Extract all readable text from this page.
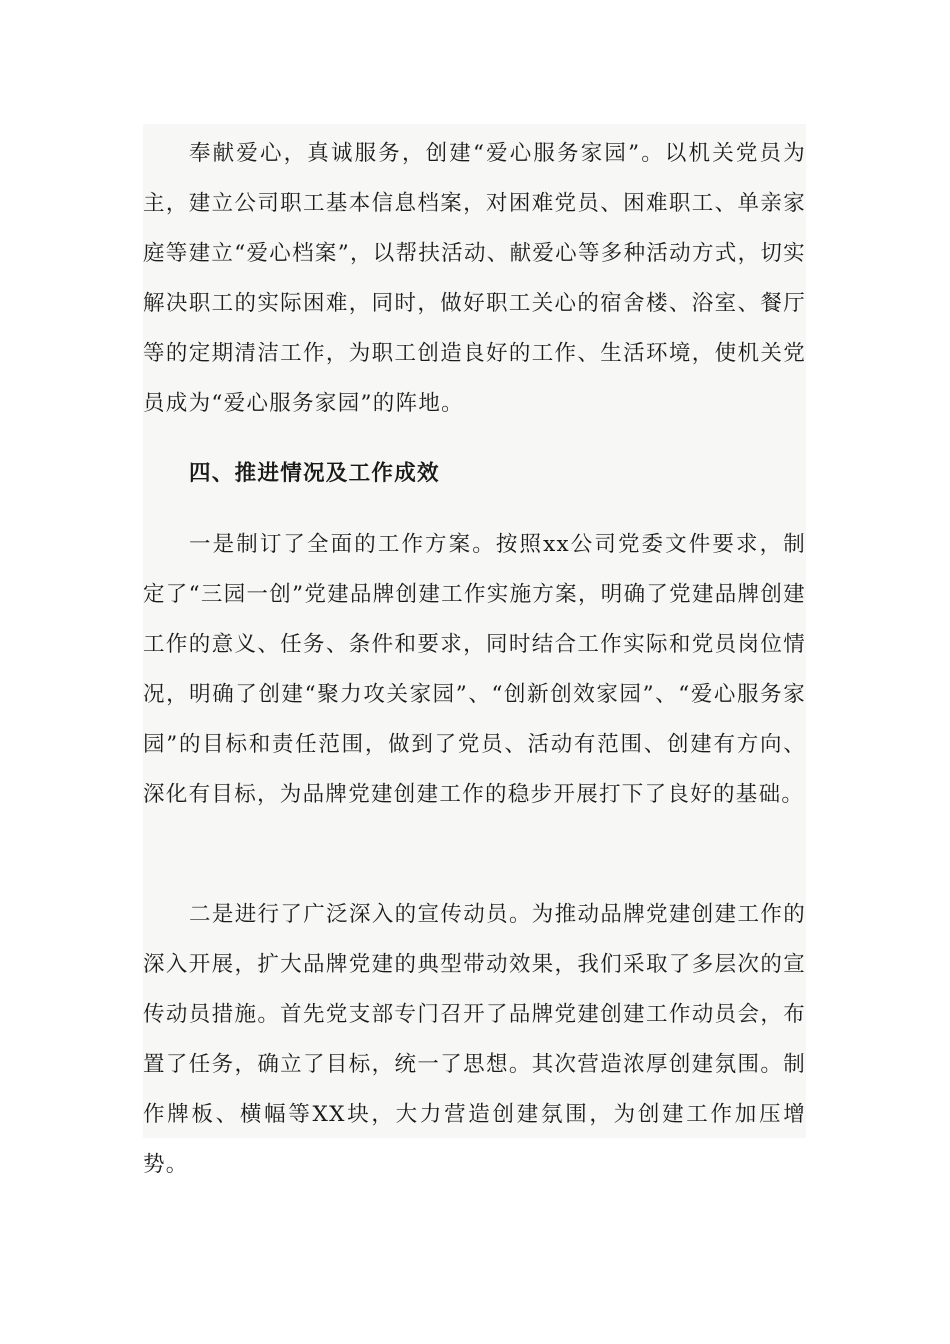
奉献爱心，真诚服务，创建“爱心服务家园”。以机关党员为主，建立公司职工基本信息档案，对困难党员、困难职工、单亲家庭等建立“爱心档案”，以帮扶活动、献爱心等多种活动方式，切实解决职工的实际困难，同时，做好职工关心的宿舍楼、浴室、餐厅等的定期清洁工作，为职工创造良好的工作、生活环境，使机关党员成为“爱心服务家园”的阵地。

四、推进情况及工作成效

一是制订了全面的工作方案。按照xx公司党委文件要求，制定了“三园一创”党建品牌创建工作实施方案，明确了党建品牌创建工作的意义、任务、条件和要求，同时结合工作实际和党员岗位情况，明确了创建“聚力攻关家园”、“创新创效家园”、“爱心服务家园”的目标和责任范围，做到了党员、活动有范围、创建有方向、深化有目标，为品牌党建创建工作的稳步开展打下了良好的基础。

二是进行了广泛深入的宣传动员。为推动品牌党建创建工作的深入开展，扩大品牌党建的典型带动效果，我们采取了多层次的宣传动员措施。首先党支部专门召开了品牌党建创建工作动员会，布置了任务，确立了目标，统一了思想。其次营造浓厚创建氛围。制作牌板、横幅等XX块，大力营造创建氛围，为创建工作加压增势。
